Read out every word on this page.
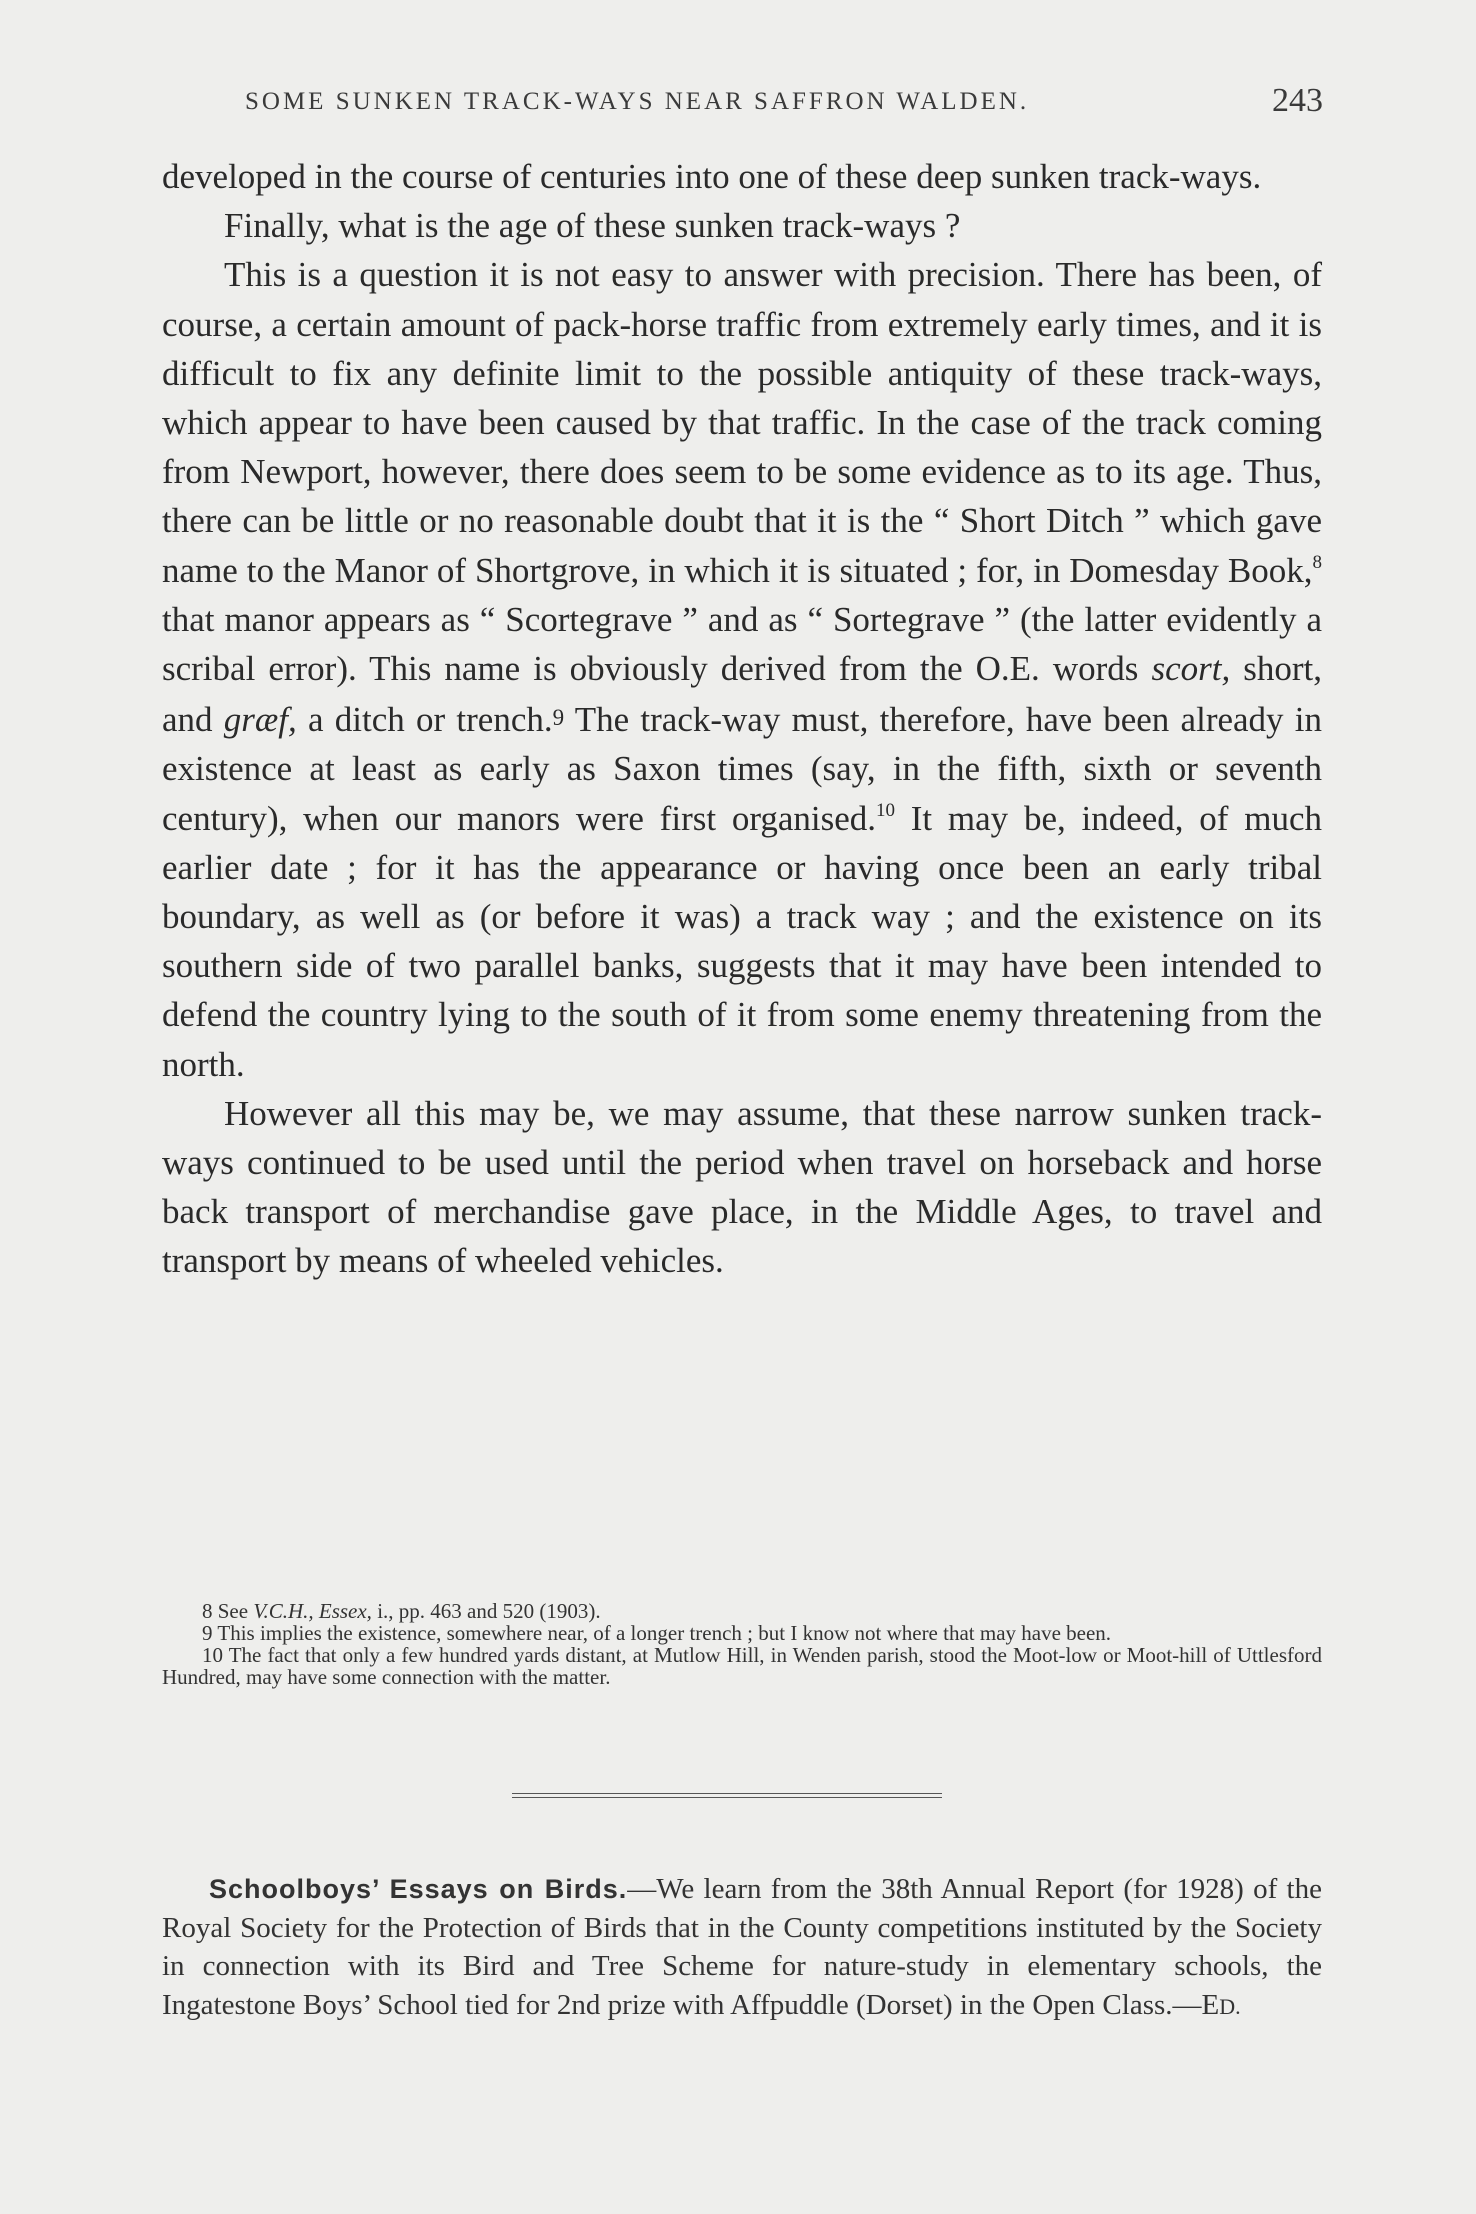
SOME SUNKEN TRACK-WAYS NEAR SAFFRON WALDEN.	243

developed in the course of centuries into one of these deep sunken track-ways.

Finally, what is the age of these sunken track-ways ?

This is a question it is not easy to answer with precision. There has been, of course, a certain amount of pack-horse traffic from extremely early times, and it is difficult to fix any definite limit to the possible antiquity of these track-ways, which appear to have been caused by that traffic. In the case of the track coming from Newport, however, there does seem to be some evidence as to its age. Thus, there can be little or no reasonable doubt that it is the “ Short Ditch ” which gave name to the Manor of Shortgrove, in which it is situated ; for, in Domesday Book,$^8$ that manor appears as “ Scortegrave ” and as “ Sortegrave ” (the latter evidently a scribal error). This name is obviously derived from the O.E. words scort, short, and græf, a ditch or trench.9 The track-way must, therefore, have been already in existence at least as early as Saxon times (say, in the fifth, sixth or seventh century), when our manors were first organised.$^{10}$ It may be, indeed, of much earlier date ; for it has the appearance or having once been an early tribal boundary, as well as (or before it was) a track way ; and the existence on its southern side of two parallel banks, suggests that it may have been intended to defend the country lying to the south of it from some enemy threatening from the north.

However all this may be, we may assume, that these narrow sunken track-ways continued to be used until the period when travel on horseback and horse back transport of merchandise gave place, in the Middle Ages, to travel and transport by means of wheeled vehicles.

8 See V.C.H., Essex, i., pp. 463 and 520 (1903).

9 This implies the existence, somewhere near, of a longer trench ; but I know not where that may have been.

10 The fact that only a few hundred yards distant, at Mutlow Hill, in Wenden parish, stood the Moot-low or Moot-hill of Uttlesford Hundred, may have some connection with the matter.

Schoolboys’ Essays on Birds.—We learn from the 38th Annual Report (for 1928) of the Royal Society for the Protection of Birds that in the County competitions instituted by the Society in connection with its Bird and Tree Scheme for nature-study in elementary schools, the Ingatestone Boys’ School tied for 2nd prize with Affpuddle (Dorset) in the Open Class.—ED.
